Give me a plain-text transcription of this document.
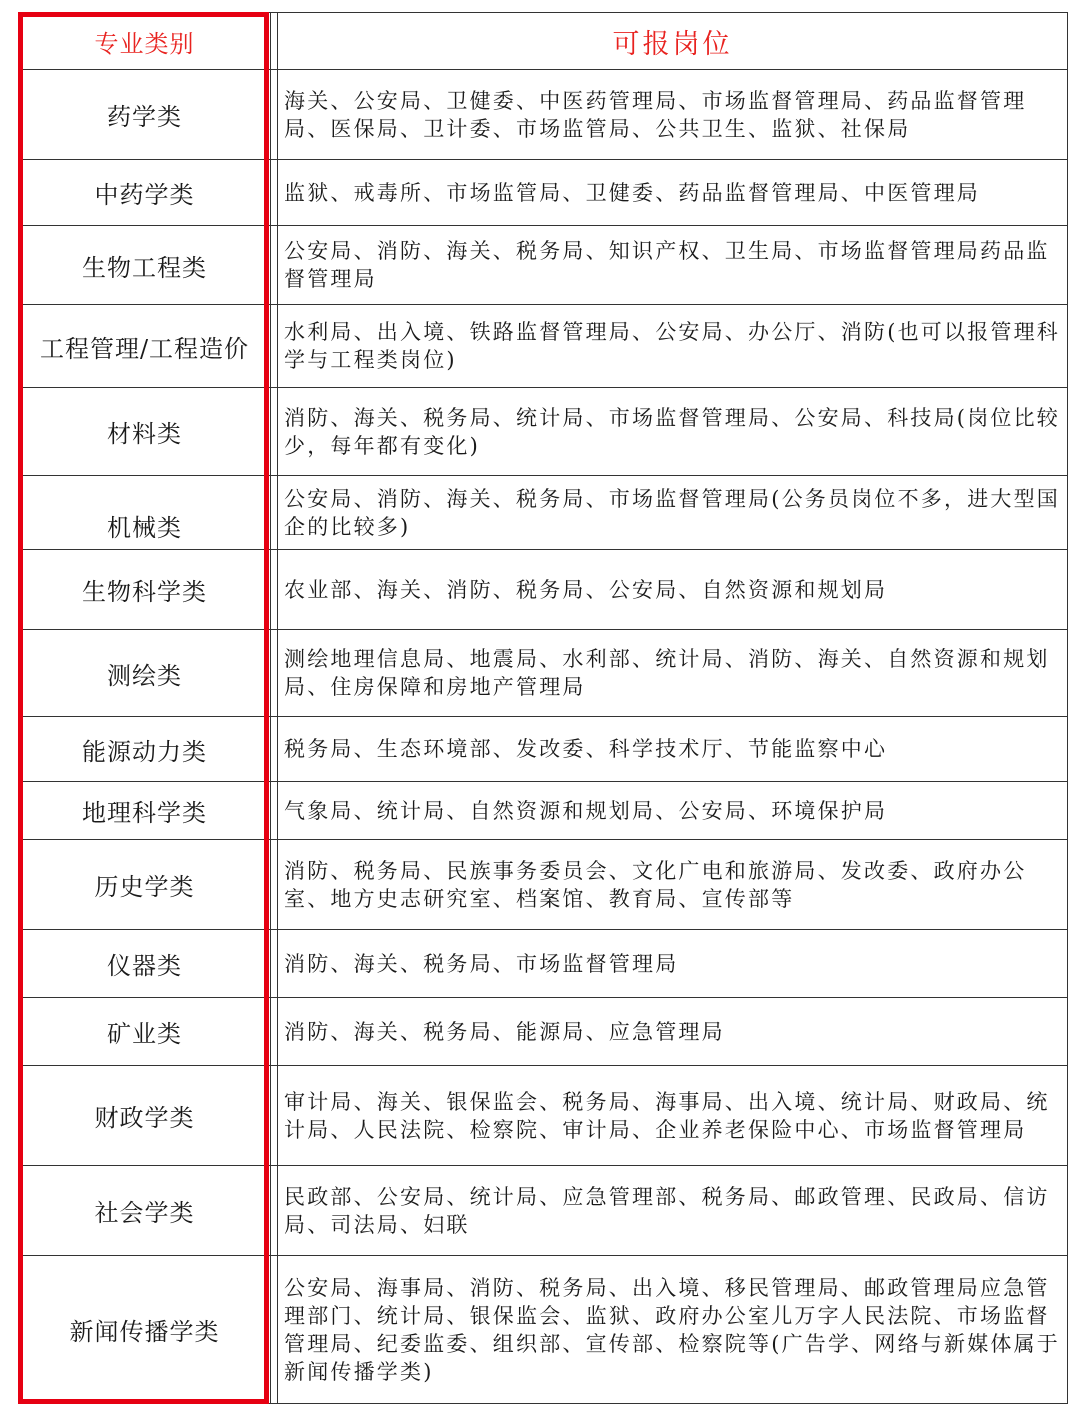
专业类别		可报岗位
药学类		海关、公安局、卫健委、中医药管理局、市场监督管理局、药品监督管理局、医保局、卫计委、市场监管局、公共卫生、监狱、社保局
中药学类		监狱、戒毒所、市场监管局、卫健委、药品监督管理局、中医管理局
生物工程类		公安局、消防、海关、税务局、知识产权、卫生局、市场监督管理局药品监督管理局
工程管理/工程造价		水利局、出入境、铁路监督管理局、公安局、办公厅、消防(也可以报管理科学与工程类岗位)
材料类		消防、海关、税务局、统计局、市场监督管理局、公安局、科技局(岗位比较少，每年都有变化)
机械类		公安局、消防、海关、税务局、市场监督管理局(公务员岗位不多，进大型国企的比较多)
生物科学类		农业部、海关、消防、税务局、公安局、自然资源和规划局
测绘类		测绘地理信息局、地震局、水利部、统计局、消防、海关、自然资源和规划局、住房保障和房地产管理局
能源动力类		税务局、生态环境部、发改委、科学技术厅、节能监察中心
地理科学类		气象局、统计局、自然资源和规划局、公安局、环境保护局
历史学类		消防、税务局、民族事务委员会、文化广电和旅游局、发改委、政府办公室、地方史志研究室、档案馆、教育局、宣传部等
仪器类		消防、海关、税务局、市场监督管理局
矿业类		消防、海关、税务局、能源局、应急管理局
财政学类		审计局、海关、银保监会、税务局、海事局、出入境、统计局、财政局、统计局、人民法院、检察院、审计局、企业养老保险中心、市场监督管理局
社会学类		民政部、公安局、统计局、应急管理部、税务局、邮政管理、民政局、信访局、司法局、妇联
新闻传播学类		公安局、海事局、消防、税务局、出入境、移民管理局、邮政管理局应急管理部门、统计局、银保监会、监狱、政府办公室儿万字人民法院、市场监督管理局、纪委监委、组织部、宣传部、检察院等(广告学、网络与新媒体属于新闻传播学类)
